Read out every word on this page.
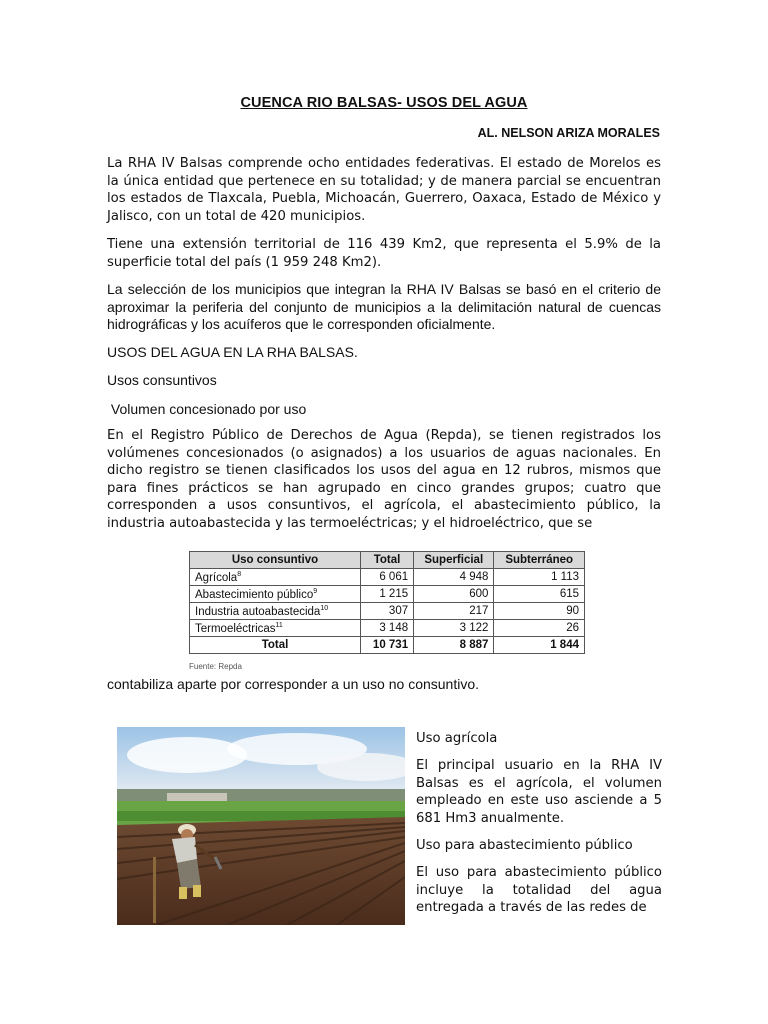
CUENCA RIO BALSAS- USOS DEL AGUA
AL. NELSON ARIZA MORALES
La RHA IV Balsas comprende ocho entidades federativas. El estado de Morelos es la única entidad que pertenece en su totalidad; y de manera parcial se encuentran los estados de Tlaxcala, Puebla, Michoacán, Guerrero, Oaxaca, Estado de México y Jalisco, con un total de 420 municipios.
Tiene una extensión territorial de 116 439 Km2, que representa el 5.9% de la superficie total del país (1 959 248 Km2).
La selección de los municipios que integran la RHA IV Balsas se basó en el criterio de aproximar la periferia del conjunto de municipios a la delimitación natural de cuencas hidrográficas y los acuíferos que le corresponden oficialmente.
USOS DEL AGUA EN LA RHA BALSAS.
Usos consuntivos
Volumen concesionado por uso
En el Registro Público de Derechos de Agua (Repda), se tienen registrados los volúmenes concesionados (o asignados) a los usuarios de aguas nacionales. En dicho registro se tienen clasificados los usos del agua en 12 rubros, mismos que para fines prácticos se han agrupado en cinco grandes grupos; cuatro que corresponden a usos consuntivos, el agrícola, el abastecimiento público, la industria autoabastecida y las termoeléctricas; y el hidroeléctrico, que se
Uso consuntivo	Total	Superficial	Subterráneo
Agrícola$^8$	6 061	4 948	1 113
Abastecimiento público$^9$	1 215	600	615
Industria autoabastecida$^{10}$	307	217	90
Termoeléctricas$^{11}$	3 148	3 122	26
Total	10 731	8 887	1 844
Fuente: Repda
contabiliza aparte por corresponder a un uso no consuntivo.
Uso agrícola
El principal usuario en la RHA IV Balsas es el agrícola, el volumen empleado en este uso asciende a 5 681 Hm3 anualmente.
Uso para abastecimiento público
El uso para abastecimiento público incluye la totalidad del agua entregada a través de las redes de
